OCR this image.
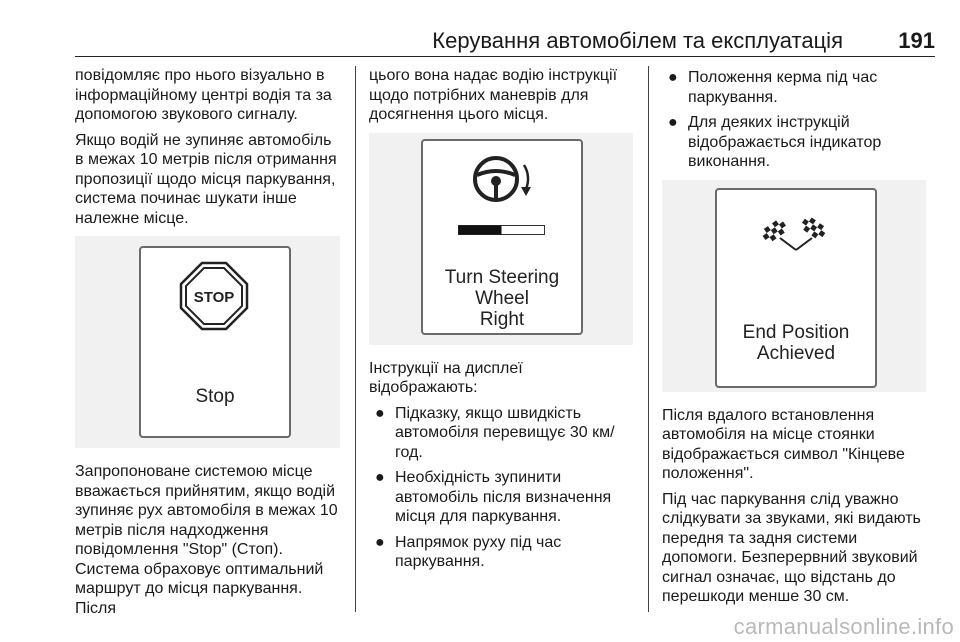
Керування автомобілем та експлуатація	191

повідомляє про нього візуально в інформаційному центрі водія та за допомогою звукового сигналу.

Якщо водій не зупиняє автомобіль в межах 10 метрів після отримання пропозиції щодо місця паркування, система починає шукати інше належне місце.

STOP
Stop

Запропоноване системою місце вважається прийнятим, якщо водій зупиняє рух автомобіля в межах 10 метрів після надходження повідомлення "Stop" (Стоп). Система обраховує оптимальний маршрут до місця паркування. Після

цього вона надає водію інструкції щодо потрібних маневрів для досягнення цього місця.

Turn Steering
Wheel
Right

Інструкції на дисплеї відображають:

● Підказку, якщо швидкість автомобіля перевищує 30 км/год.
● Необхідність зупинити автомобіль після визначення місця для паркування.
● Напрямок руху під час паркування.
● Положення керма під час паркування.
● Для деяких інструкцій відображається індикатор виконання.
End Position
Achieved

Після вдалого встановлення автомобіля на місце стоянки відображається символ "Кінцеве положення".

Під час паркування слід уважно слідкувати за звуками, які видають передня та задня системи допомоги. Безперервний звуковий сигнал означає, що відстань до перешкоди менше 30 см.

carmanualsonline.info
